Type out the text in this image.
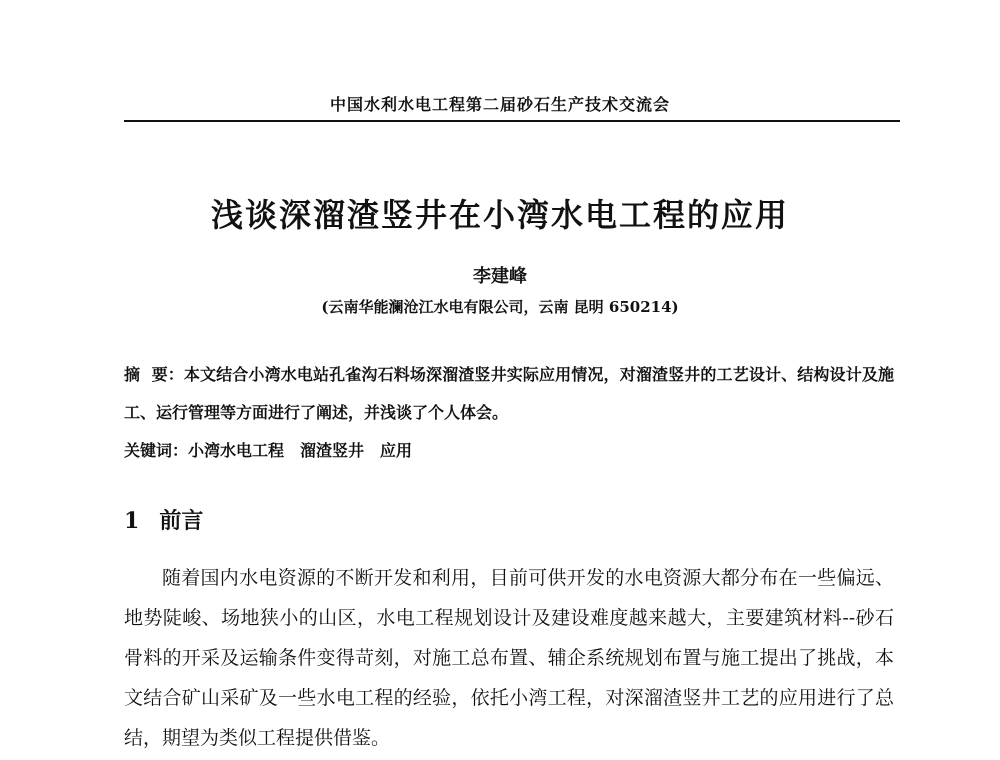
中国水利水电工程第二届砂石生产技术交流会
浅谈深溜渣竖井在小湾水电工程的应用
李建峰
(云南华能澜沧江水电有限公司，云南 昆明 650214)
摘  要：本文结合小湾水电站孔雀沟石料场深溜渣竖井实际应用情况，对溜渣竖井的工艺设计、结构设计及施工、运行管理等方面进行了阐述，并浅谈了个人体会。
关键词：小湾水电工程 溜渣竖井 应用
1 前言
随着国内水电资源的不断开发和利用，目前可供开发的水电资源大都分布在一些偏远、地势陡峻、场地狭小的山区，水电工程规划设计及建设难度越来越大，主要建筑材料--砂石骨料的开采及运输条件变得苛刻，对施工总布置、辅企系统规划布置与施工提出了挑战，本文结合矿山采矿及一些水电工程的经验，依托小湾工程，对深溜渣竖井工艺的应用进行了总结，期望为类似工程提供借鉴。
